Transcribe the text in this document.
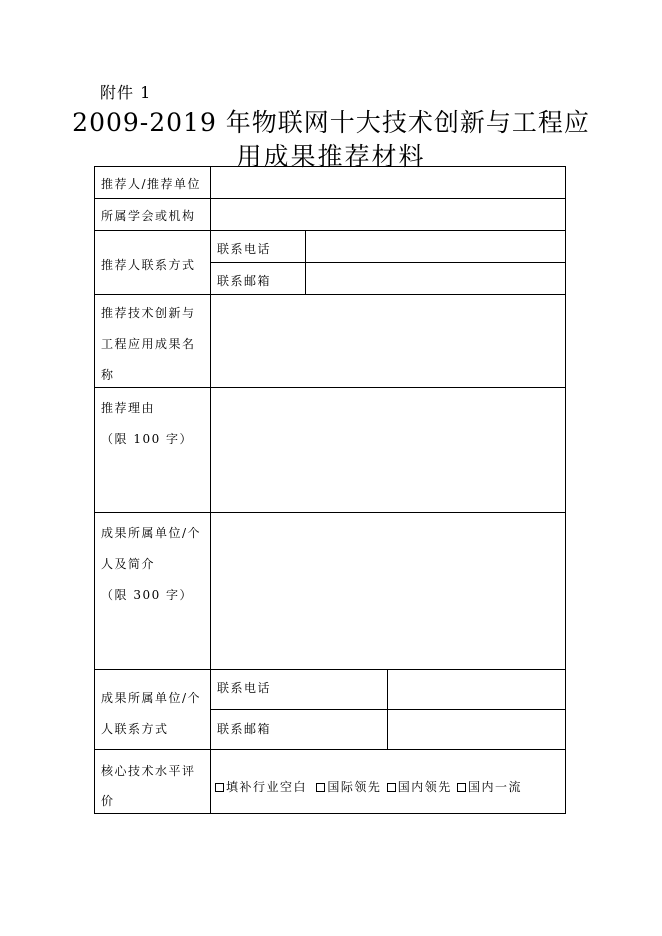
附件 1
2009-2019 年物联网十大技术创新与工程应
用成果推荐材料
推荐人/推荐单位
所属学会或机构
推荐人联系方式
联系电话
联系邮箱
推荐技术创新与
工程应用成果名
称
推荐理由
（限 100 字）
成果所属单位/个
人及简介
（限 300 字）
成果所属单位/个
人联系方式
联系电话
联系邮箱
核心技术水平评
价
填补行业空白 国际领先 国内领先 国内一流
